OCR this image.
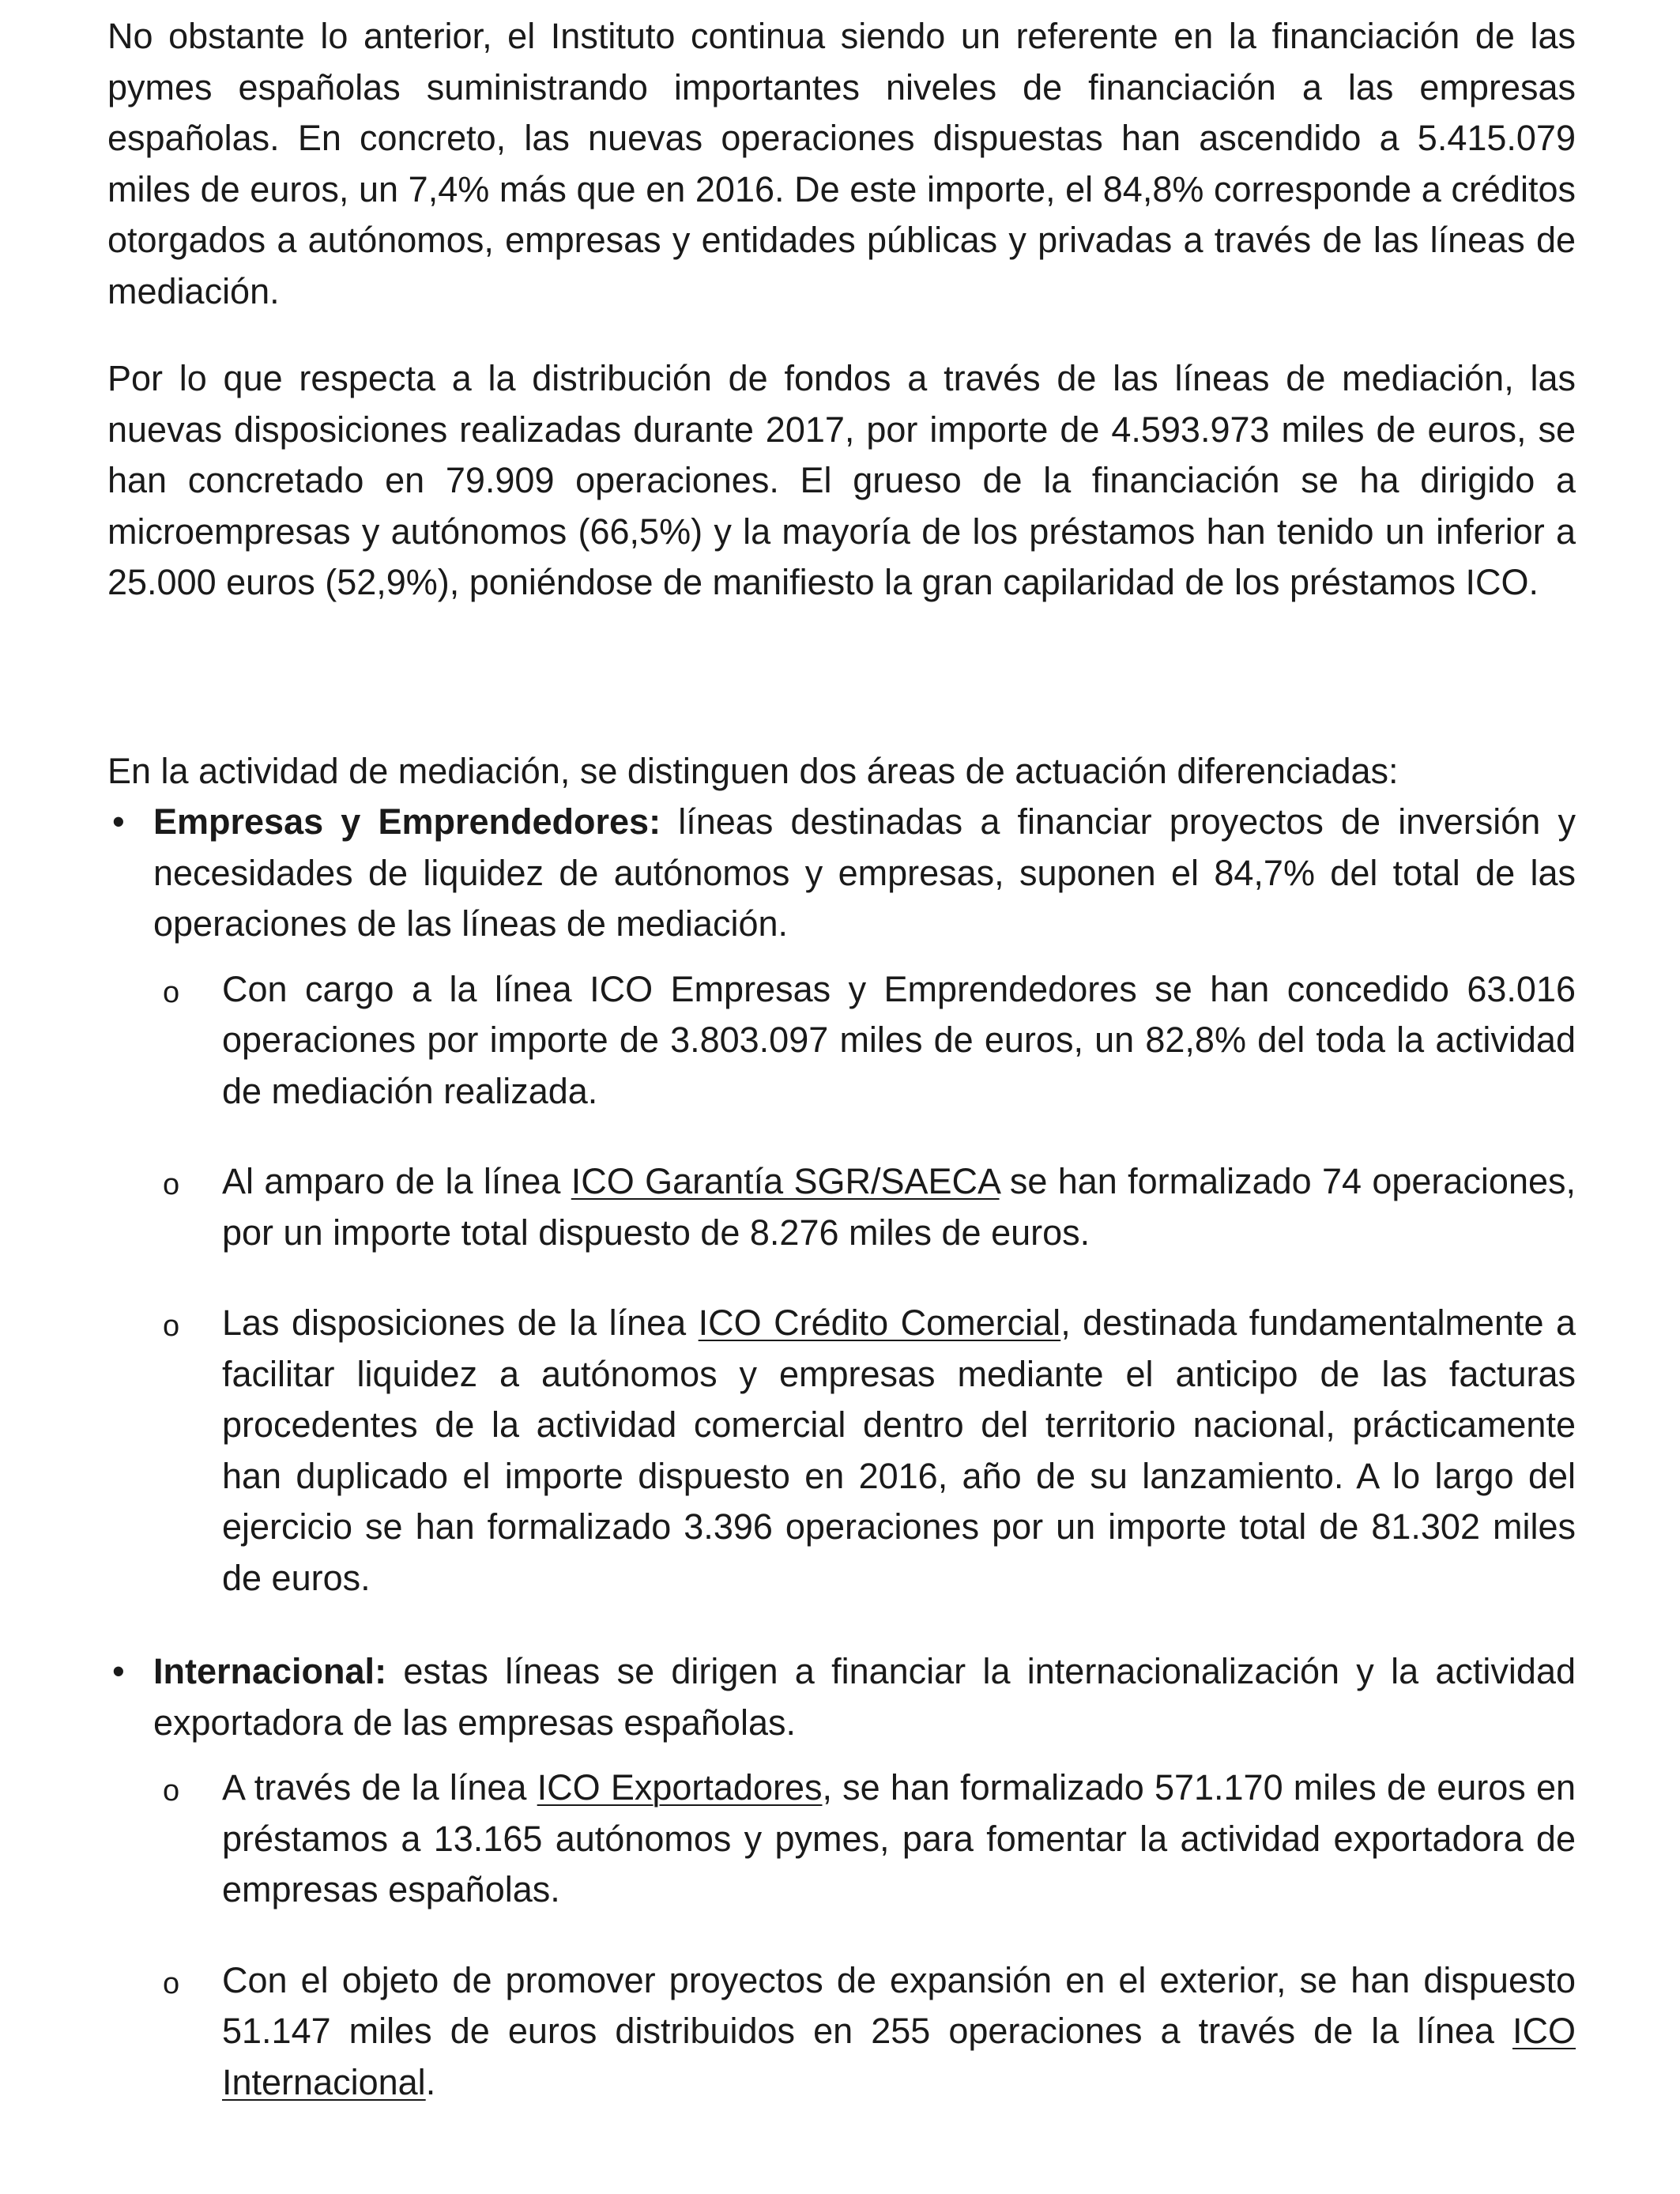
No obstante lo anterior, el Instituto continua siendo un referente en la financiación de las pymes españolas suministrando importantes niveles de financiación a las empresas españolas. En concreto, las nuevas operaciones dispuestas han ascendido a 5.415.079 miles de euros, un 7,4% más que en 2016. De este importe, el 84,8% corresponde a créditos otorgados a autónomos, empresas y entidades públicas y privadas a través de las líneas de mediación.

Por lo que respecta a la distribución de fondos a través de las líneas de mediación, las nuevas disposiciones realizadas durante 2017, por importe de 4.593.973 miles de euros, se han concretado en 79.909 operaciones. El grueso de la financiación se ha dirigido a microempresas y autónomos (66,5%) y la mayoría de los préstamos han tenido un inferior a 25.000 euros (52,9%), poniéndose de manifiesto la gran capilaridad de los préstamos ICO.

En la actividad de mediación, se distinguen dos áreas de actuación diferenciadas:

• Empresas y Emprendedores: líneas destinadas a financiar proyectos de inversión y necesidades de liquidez de autónomos y empresas, suponen el 84,7% del total de las operaciones de las líneas de mediación.
o	Con cargo a la línea ICO Empresas y Emprendedores se han concedido 63.016 operaciones por importe de 3.803.097 miles de euros, un 82,8% del toda la actividad de mediación realizada.
o	Al amparo de la línea ICO Garantía SGR/SAECA se han formalizado 74 operaciones, por un importe total dispuesto de 8.276 miles de euros.
o	Las disposiciones de la línea ICO Crédito Comercial, destinada fundamentalmente a facilitar liquidez a autónomos y empresas mediante el anticipo de las facturas procedentes de la actividad comercial dentro del territorio nacional, prácticamente han duplicado el importe dispuesto en 2016, año de su lanzamiento. A lo largo del ejercicio se han formalizado 3.396 operaciones por un importe total de 81.302 miles de euros.
• Internacional: estas líneas se dirigen a financiar la internacionalización y la actividad exportadora de las empresas españolas.
o	A través de la línea ICO Exportadores, se han formalizado 571.170 miles de euros en préstamos a 13.165 autónomos y pymes, para fomentar la actividad exportadora de empresas españolas.
o	Con el objeto de promover proyectos de expansión en el exterior, se han dispuesto 51.147 miles de euros distribuidos en 255 operaciones a través de la línea ICO Internacional.
